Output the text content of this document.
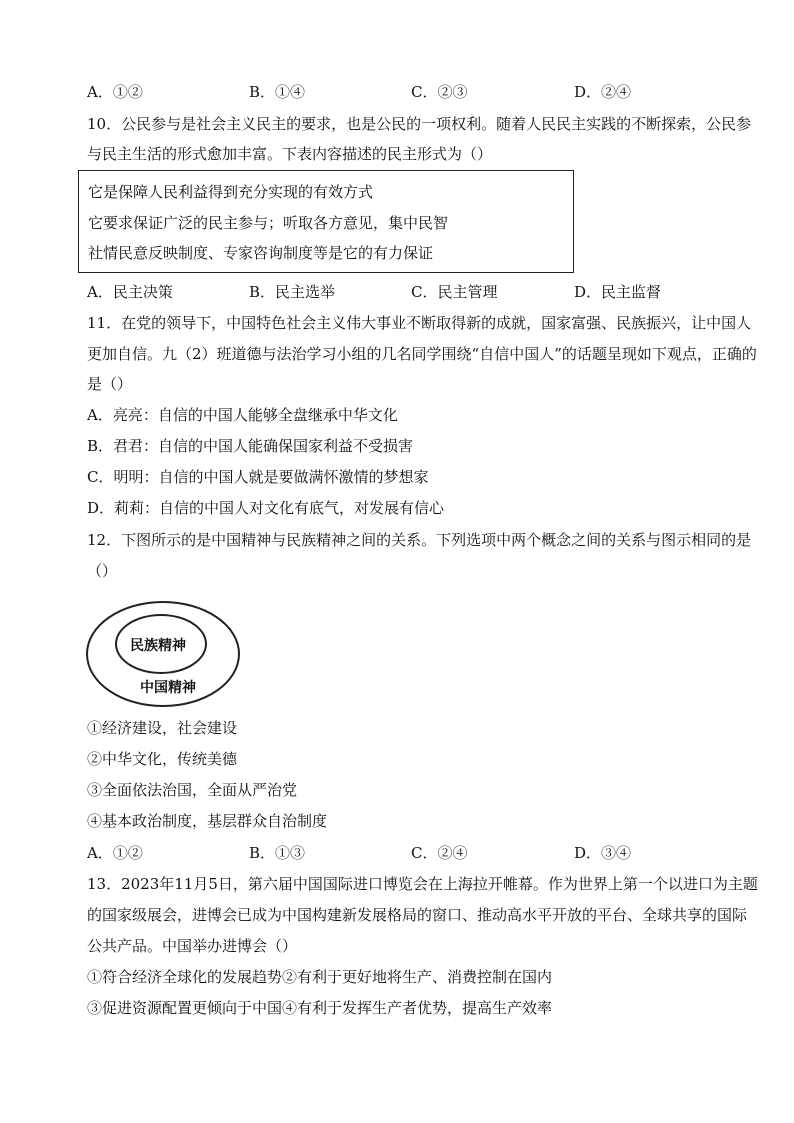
A．①②	B．①④	C．②③	D．②④
10．公民参与是社会主义民主的要求，也是公民的一项权利。随着人民民主实践的不断探索，公民参
与民主生活的形式愈加丰富。下表内容描述的民主形式为（）
它是保障人民利益得到充分实现的有效方式
它要求保证广泛的民主参与；听取各方意见，集中民智
社情民意反映制度、专家咨询制度等是它的有力保证
A．民主决策	B．民主选举	C．民主管理	D．民主监督
11．在党的领导下，中国特色社会主义伟大事业不断取得新的成就，国家富强、民族振兴，让中国人
更加自信。九（2）班道德与法治学习小组的几名同学围绕“自信中国人”的话题呈现如下观点，正确的
是（）
A．亮亮：自信的中国人能够全盘继承中华文化
B．君君：自信的中国人能确保国家利益不受损害
C．明明：自信的中国人就是要做满怀激情的梦想家
D．莉莉：自信的中国人对文化有底气，对发展有信心
12．下图所示的是中国精神与民族精神之间的关系。下列选项中两个概念之间的关系与图示相同的是
（）
民族精神
中国精神
①经济建设，社会建设
②中华文化，传统美德
③全面依法治国，全面从严治党
④基本政治制度，基层群众自治制度
A．①②	B．①③	C．②④	D．③④
13．2023年11月5日，第六届中国国际进口博览会在上海拉开帷幕。作为世界上第一个以进口为主题
的国家级展会，进博会已成为中国构建新发展格局的窗口、推动高水平开放的平台、全球共享的国际
公共产品。中国举办进博会（）
①符合经济全球化的发展趋势②有利于更好地将生产、消费控制在国内
③促进资源配置更倾向于中国④有利于发挥生产者优势，提高生产效率
